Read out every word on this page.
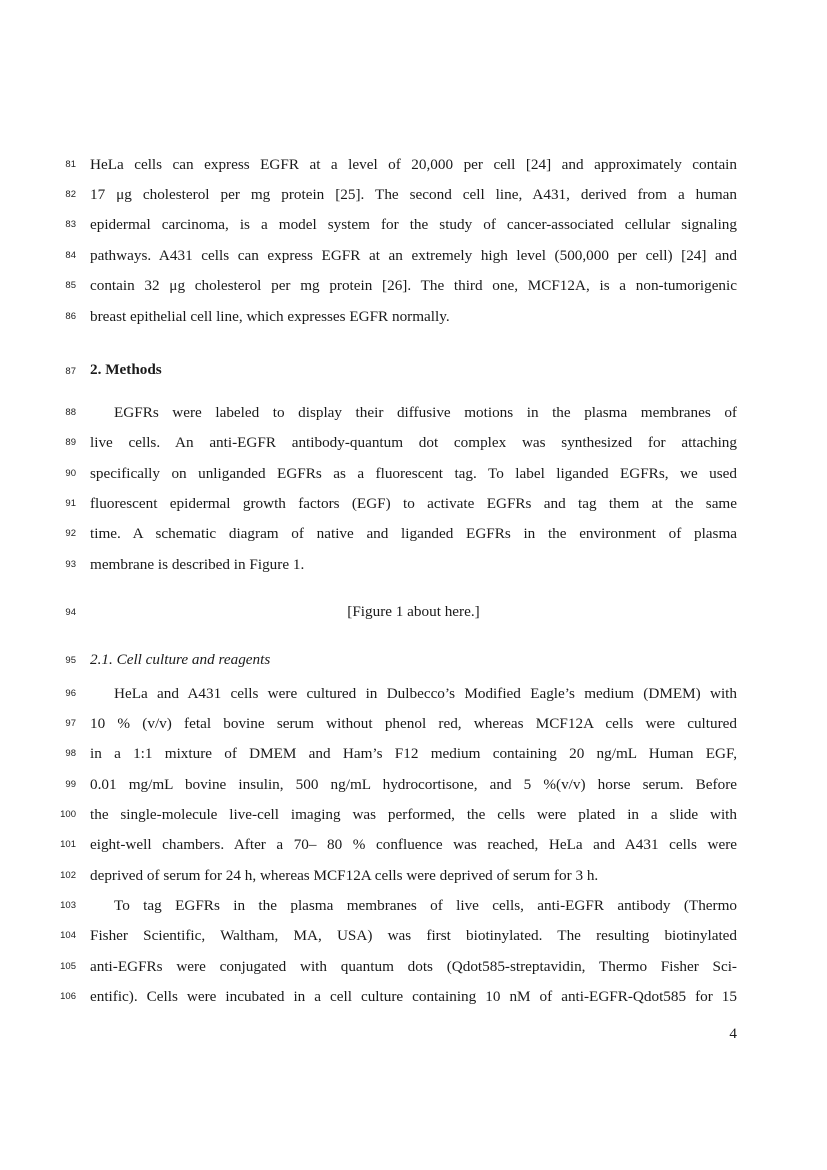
81 HeLa cells can express EGFR at a level of 20,000 per cell [24] and approximately contain
82 17 μg cholesterol per mg protein [25]. The second cell line, A431, derived from a human
83 epidermal carcinoma, is a model system for the study of cancer-associated cellular signaling
84 pathways. A431 cells can express EGFR at an extremely high level (500,000 per cell) [24] and
85 contain 32 μg cholesterol per mg protein [26]. The third one, MCF12A, is a non-tumorigenic
86 breast epithelial cell line, which expresses EGFR normally.
87 2. Methods
88	EGFRs were labeled to display their diffusive motions in the plasma membranes of
89 live cells. An anti-EGFR antibody-quantum dot complex was synthesized for attaching
90 specifically on unliganded EGFRs as a fluorescent tag. To label liganded EGFRs, we used
91 fluorescent epidermal growth factors (EGF) to activate EGFRs and tag them at the same
92 time. A schematic diagram of native and liganded EGFRs in the environment of plasma
93 membrane is described in Figure 1.
94	[Figure 1 about here.]
95 2.1. Cell culture and reagents
96	HeLa and A431 cells were cultured in Dulbecco’s Modified Eagle’s medium (DMEM) with
97 10 % (v/v) fetal bovine serum without phenol red, whereas MCF12A cells were cultured
98 in a 1:1 mixture of DMEM and Ham’s F12 medium containing 20 ng/mL Human EGF,
99 0.01 mg/mL bovine insulin, 500 ng/mL hydrocortisone, and 5 %(v/v) horse serum. Before
100 the single-molecule live-cell imaging was performed, the cells were plated in a slide with
101 eight-well chambers. After a 70– 80 % confluence was reached, HeLa and A431 cells were
102 deprived of serum for 24 h, whereas MCF12A cells were deprived of serum for 3 h.
103	To tag EGFRs in the plasma membranes of live cells, anti-EGFR antibody (Thermo
104 Fisher Scientific, Waltham, MA, USA) was first biotinylated. The resulting biotinylated
105 anti-EGFRs were conjugated with quantum dots (Qdot585-streptavidin, Thermo Fisher Sci-
106 entific). Cells were incubated in a cell culture containing 10 nM of anti-EGFR-Qdot585 for 15
4
